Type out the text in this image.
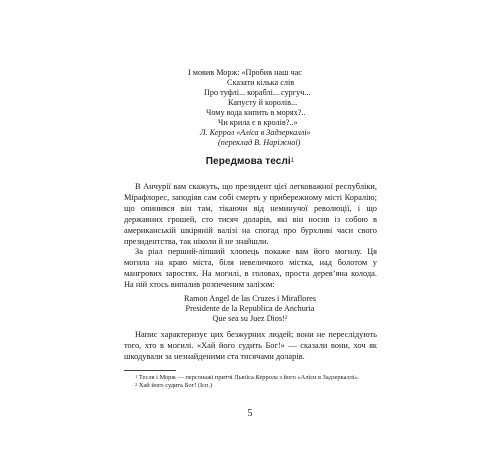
І мовив Морж: «Пробив наш час
Сказати кілька слів
Про туфлі... кораблі... сургуч...
Капусту й королів...
Чому вода кипить в морях?..
Чи крила є в кролів?..»
Л. Кеpрол «Аліса в Задзеркаллі»
(переклад В. Наріжної)
Передмова теслі$^1$

В Анчурії вам скажуть, що президент цієї легковажної республіки, Мірафлорес, заподіяв сам собі смерть у прибережному місті Коралію; що опинився він там, тікаючи від неминучої революції, і що державних грошей, сто тисяч доларів, які він носив із собою в американській шкіряній валізі на спогад про бурхливі часи свого президентства, так ніколи й не знайшли.

За ріал перший-ліпший хлопець покаже вам його могилу. Ця могила на краю міста, біля невеличкого містка, над болотом у мангрових заростях. На могилі, в головах, проста дерев’яна колода. На ній хтось випалив розпеченим залізом:

Ramon Angel de las Cruzes i Miraflores
Presidente de la Republica de Anchuria
Que sea su Juez Dios!$^2$

Напис характеризує цих безжурних людей; вони не переслідують того, хто в могилі. «Хай його судить Бог!» — сказали вони, хоч як шкодували за незнайденими ста тисячами доларів.

$^1$ Тесля і Морж — персонажі притчі Льюїса Керрола з його «Аліси в Задзеркаллі».
$^2$ Хай його судить Бог! (Ісп.)
5
